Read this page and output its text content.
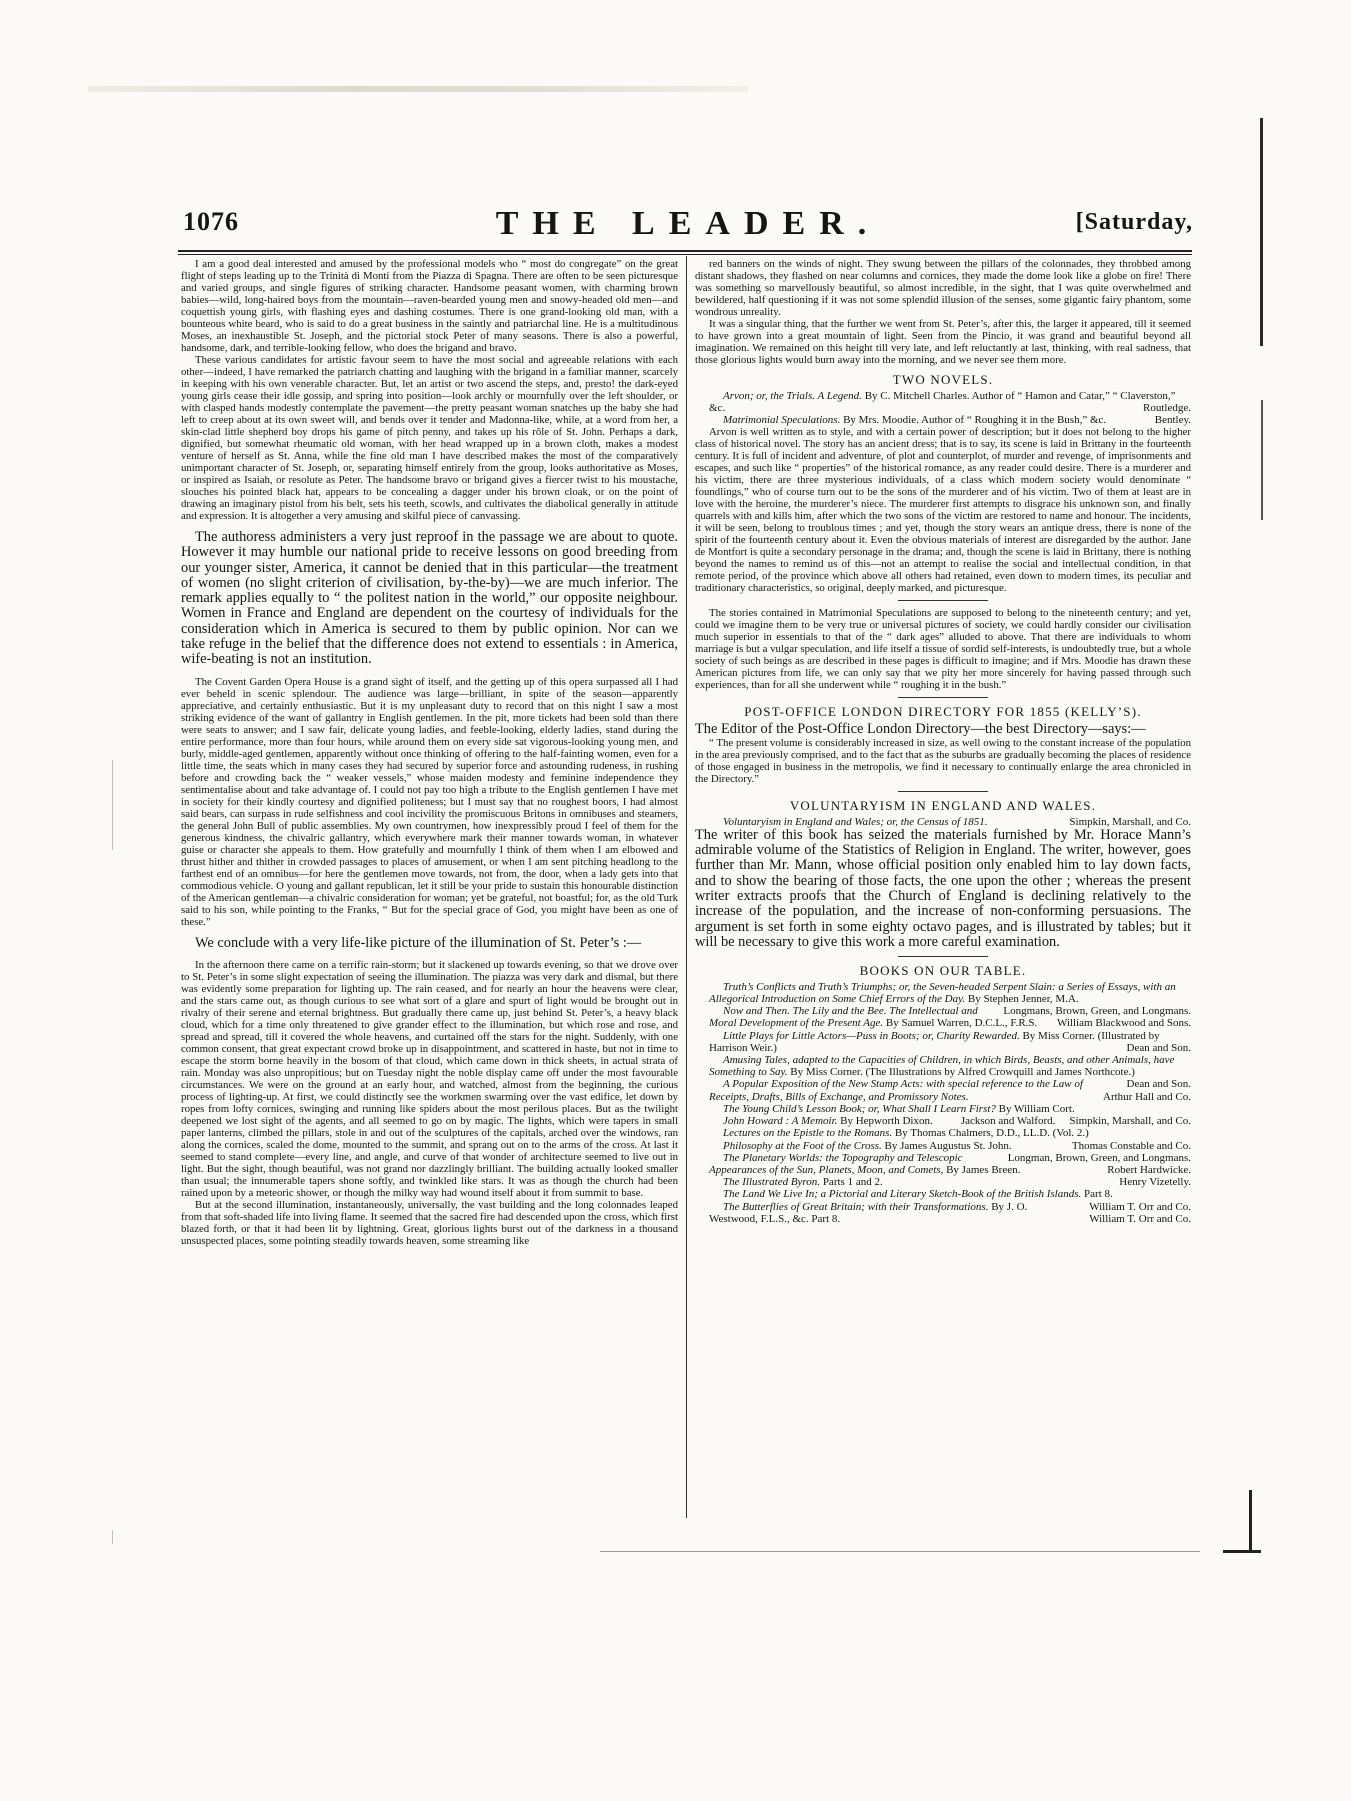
1076	THE LEADER.	[Saturday,

I am a good deal interested and amused by the professional models who “ most do congregate” on the great flight of steps leading up to the Trinità di Monti from the Piazza di Spagna. There are often to be seen picturesque and varied groups, and single figures of striking character. Handsome peasant women, with charming brown babies—wild, long-haired boys from the mountain—raven-bearded young men and snowy-headed old men—and coquettish young girls, with flashing eyes and dashing costumes. There is one grand-looking old man, with a bounteous white beard, who is said to do a great business in the saintly and patriarchal line. He is a multitudinous Moses, an inexhaustible St. Joseph, and the pictorial stock Peter of many seasons. There is also a powerful, handsome, dark, and terrible-looking fellow, who does the brigand and bravo.

These various candidates for artistic favour seem to have the most social and agreeable relations with each other—indeed, I have remarked the patriarch chatting and laughing with the brigand in a familiar manner, scarcely in keeping with his own venerable character. But, let an artist or two ascend the steps, and, presto! the dark-eyed young girls cease their idle gossip, and spring into position—look archly or mournfully over the left shoulder, or with clasped hands modestly contemplate the pavement—the pretty peasant woman snatches up the baby she had left to creep about at its own sweet will, and bends over it tender and Madonna-like, while, at a word from her, a skin-clad little shepherd boy drops his game of pitch penny, and takes up his rôle of St. John. Perhaps a dark, dignified, but somewhat rheumatic old woman, with her head wrapped up in a brown cloth, makes a modest venture of herself as St. Anna, while the fine old man I have described makes the most of the comparatively unimportant character of St. Joseph, or, separating himself entirely from the group, looks authoritative as Moses, or inspired as Isaiah, or resolute as Peter. The handsome bravo or brigand gives a fiercer twist to his moustache, slouches his pointed black hat, appears to be concealing a dagger under his brown cloak, or on the point of drawing an imaginary pistol from his belt, sets his teeth, scowls, and cultivates the diabolical generally in attitude and expression. It is altogether a very amusing and skilful piece of canvassing.

The authoress administers a very just reproof in the passage we are about to quote. However it may humble our national pride to receive lessons on good breeding from our younger sister, America, it cannot be denied that in this particular—the treatment of women (no slight criterion of civilisation, by-the-by)—we are much inferior. The remark applies equally to “ the politest nation in the world,” our opposite neighbour. Women in France and England are dependent on the courtesy of individuals for the consideration which in America is secured to them by public opinion. Nor can we take refuge in the belief that the difference does not extend to essentials : in America, wife-beating is not an institution.

The Covent Garden Opera House is a grand sight of itself, and the getting up of this opera surpassed all I had ever beheld in scenic splendour. The audience was large—brilliant, in spite of the season—apparently appreciative, and certainly enthusiastic. But it is my unpleasant duty to record that on this night I saw a most striking evidence of the want of gallantry in English gentlemen. In the pit, more tickets had been sold than there were seats to answer; and I saw fair, delicate young ladies, and feeble-looking, elderly ladies, stand during the entire performance, more than four hours, while around them on every side sat vigorous-looking young men, and burly, middle-aged gentlemen, apparently without once thinking of offering to the half-fainting women, even for a little time, the seats which in many cases they had secured by superior force and astounding rudeness, in rushing before and crowding back the “ weaker vessels,” whose maiden modesty and feminine independence they sentimentalise about and take advantage of. I could not pay too high a tribute to the English gentlemen I have met in society for their kindly courtesy and dignified politeness; but I must say that no roughest boors, I had almost said bears, can surpass in rude selfishness and cool incivility the promiscuous Britons in omnibuses and steamers, the general John Bull of public assemblies. My own countrymen, how inexpressibly proud I feel of them for the generous kindness, the chivalric gallantry, which everywhere mark their manner towards woman, in whatever guise or character she appeals to them. How gratefully and mournfully I think of them when I am elbowed and thrust hither and thither in crowded passages to places of amusement, or when I am sent pitching headlong to the farthest end of an omnibus—for here the gentlemen move towards, not from, the door, when a lady gets into that commodious vehicle. O young and gallant republican, let it still be your pride to sustain this honourable distinction of the American gentleman—a chivalric consideration for woman; yet be grateful, not boastful; for, as the old Turk said to his son, while pointing to the Franks, “ But for the special grace of God, you might have been as one of these.”

We conclude with a very life-like picture of the illumination of St. Peter’s :—

In the afternoon there came on a terrific rain-storm; but it slackened up towards evening, so that we drove over to St. Peter’s in some slight expectation of seeing the illumination. The piazza was very dark and dismal, but there was evidently some preparation for lighting up. The rain ceased, and for nearly an hour the heavens were clear, and the stars came out, as though curious to see what sort of a glare and spurt of light would be brought out in rivalry of their serene and eternal brightness. But gradually there came up, just behind St. Peter’s, a heavy black cloud, which for a time only threatened to give grander effect to the illumination, but which rose and rose, and spread and spread, till it covered the whole heavens, and curtained off the stars for the night. Suddenly, with one common consent, that great expectant crowd broke up in disappointment, and scattered in haste, but not in time to escape the storm borne heavily in the bosom of that cloud, which came down in thick sheets, in actual strata of rain. Monday was also unpropitious; but on Tuesday night the noble display came off under the most favourable circumstances. We were on the ground at an early hour, and watched, almost from the beginning, the curious process of lighting-up. At first, we could distinctly see the workmen swarming over the vast edifice, let down by ropes from lofty cornices, swinging and running like spiders about the most perilous places. But as the twilight deepened we lost sight of the agents, and all seemed to go on by magic. The lights, which were tapers in small paper lanterns, climbed the pillars, stole in and out of the sculptures of the capitals, arched over the windows, ran along the cornices, scaled the dome, mounted to the summit, and sprang out on to the arms of the cross. At last it seemed to stand complete—every line, and angle, and curve of that wonder of architecture seemed to live out in light. But the sight, though beautiful, was not grand nor dazzlingly brilliant. The building actually looked smaller than usual; the innumerable tapers shone softly, and twinkled like stars. It was as though the church had been rained upon by a meteoric shower, or though the milky way had wound itself about it from summit to base.

But at the second illumination, instantaneously, universally, the vast building and the long colonnades leaped from that soft-shaded life into living flame. It seemed that the sacred fire had descended upon the cross, which first blazed forth, or that it had been lit by lightning. Great, glorious lights burst out of the darkness in a thousand unsuspected places, some pointing steadily towards heaven, some streaming like

red banners on the winds of night. They swung between the pillars of the colonnades, they throbbed among distant shadows, they flashed on near columns and cornices, they made the dome look like a globe on fire! There was something so marvellously beautiful, so almost incredible, in the sight, that I was quite overwhelmed and bewildered, half questioning if it was not some splendid illusion of the senses, some gigantic fairy phantom, some wondrous unreality.

It was a singular thing, that the further we went from St. Peter’s, after this, the larger it appeared, till it seemed to have grown into a great mountain of light. Seen from the Pincio, it was grand and beautiful beyond all imagination. We remained on this height till very late, and left reluctantly at last, thinking, with real sadness, that those glorious lights would burn away into the morning, and we never see them more.

TWO NOVELS.

Arvon; or, the Trials. A Legend. By C. Mitchell Charles. Author of “ Hamon and Catar,” “ Claverston,” &c.	Routledge.

Matrimonial Speculations. By Mrs. Moodie. Author of “ Roughing it in the Bush,” &c.	Bentley.

Arvon is well written as to style, and with a certain power of description; but it does not belong to the higher class of historical novel. The story has an ancient dress; that is to say, its scene is laid in Brittany in the fourteenth century. It is full of incident and adventure, of plot and counterplot, of murder and revenge, of imprisonments and escapes, and such like “ properties” of the historical romance, as any reader could desire. There is a murderer and his victim, there are three mysterious individuals, of a class which modern society would denominate “ foundlings,” who of course turn out to be the sons of the murderer and of his victim. Two of them at least are in love with the heroine, the murderer’s niece. The murderer first attempts to disgrace his unknown son, and finally quarrels with and kills him, after which the two sons of the victim are restored to name and honour. The incidents, it will be seen, belong to troublous times ; and yet, though the story wears an antique dress, there is none of the spirit of the fourteenth century about it. Even the obvious materials of interest are disregarded by the author. Jane de Montfort is quite a secondary personage in the drama; and, though the scene is laid in Brittany, there is nothing beyond the names to remind us of this—not an attempt to realise the social and intellectual condition, in that remote period, of the province which above all others had retained, even down to modern times, its peculiar and traditionary characteristics, so original, deeply marked, and picturesque.

The stories contained in Matrimonial Speculations are supposed to belong to the nineteenth century; and yet, could we imagine them to be very true or universal pictures of society, we could hardly consider our civilisation much superior in essentials to that of the “ dark ages” alluded to above. That there are individuals to whom marriage is but a vulgar speculation, and life itself a tissue of sordid self-interests, is undoubtedly true, but a whole society of such beings as are described in these pages is difficult to imagine; and if Mrs. Moodie has drawn these American pictures from life, we can only say that we pity her more sincerely for having passed through such experiences, than for all she underwent while “ roughing it in the bush.”

POST-OFFICE LONDON DIRECTORY FOR 1855 (KELLY’S).

The Editor of the Post-Office London Directory—the best Directory—says:—

“ The present volume is considerably increased in size, as well owing to the constant increase of the population in the area previously comprised, and to the fact that as the suburbs are gradually becoming the places of residence of those engaged in business in the metropolis, we find it necessary to continually enlarge the area chronicled in the Directory.”

VOLUNTARYISM IN ENGLAND AND WALES.

Voluntaryism in England and Wales; or, the Census of 1851.	Simpkin, Marshall, and Co.

The writer of this book has seized the materials furnished by Mr. Horace Mann’s admirable volume of the Statistics of Religion in England. The writer, however, goes further than Mr. Mann, whose official position only enabled him to lay down facts, and to show the bearing of those facts, the one upon the other ; whereas the present writer extracts proofs that the Church of England is declining relatively to the increase of the population, and the increase of non-conforming persuasions. The argument is set forth in some eighty octavo pages, and is illustrated by tables; but it will be necessary to give this work a more careful examination.

BOOKS ON OUR TABLE.

Truth’s Conflicts and Truth’s Triumphs; or, the Seven-headed Serpent Slain: a Series of Essays, with an Allegorical Introduction on Some Chief Errors of the Day. By Stephen Jenner, M.A.
Longmans, Brown, Green, and Longmans.

Now and Then. The Lily and the Bee. The Intellectual and Moral Development of the Present Age. By Samuel Warren, D.C.L., F.R.S.	William Blackwood and Sons.

Little Plays for Little Actors—Puss in Boots; or, Charity Rewarded. By Miss Corner. (Illustrated by Harrison Weir.)	Dean and Son.

Amusing Tales, adapted to the Capacities of Children, in which Birds, Beasts, and other Animals, have Something to Say. By Miss Corner. (The Illustrations by Alfred Crowquill and James Northcote.)
Dean and Son.

A Popular Exposition of the New Stamp Acts: with special reference to the Law of Receipts, Drafts, Bills of Exchange, and Promissory Notes.	Arthur Hall and Co.

The Young Child’s Lesson Book; or, What Shall I Learn First? By William Cort.
Simpkin, Marshall, and Co.

John Howard : A Memoir. By Hepworth Dixon.	Jackson and Walford.

Lectures on the Epistle to the Romans. By Thomas Chalmers, D.D., LL.D. (Vol. 2.)
Thomas Constable and Co.

Philosophy at the Foot of the Cross. By James Augustus St. John.
Longman, Brown, Green, and Longmans.

The Planetary Worlds: the Topography and Telescopic Appearances of the Sun, Planets, Moon, and Comets, By James Breen.	Robert Hardwicke.

The Illustrated Byron. Parts 1 and 2.	Henry Vizetelly.

The Land We Live In; a Pictorial and Literary Sketch-Book of the British Islands. Part 8.
William T. Orr and Co.

The Butterflies of Great Britain; with their Transformations. By J. O. Westwood, F.L.S., &c. Part 8.	William T. Orr and Co.
